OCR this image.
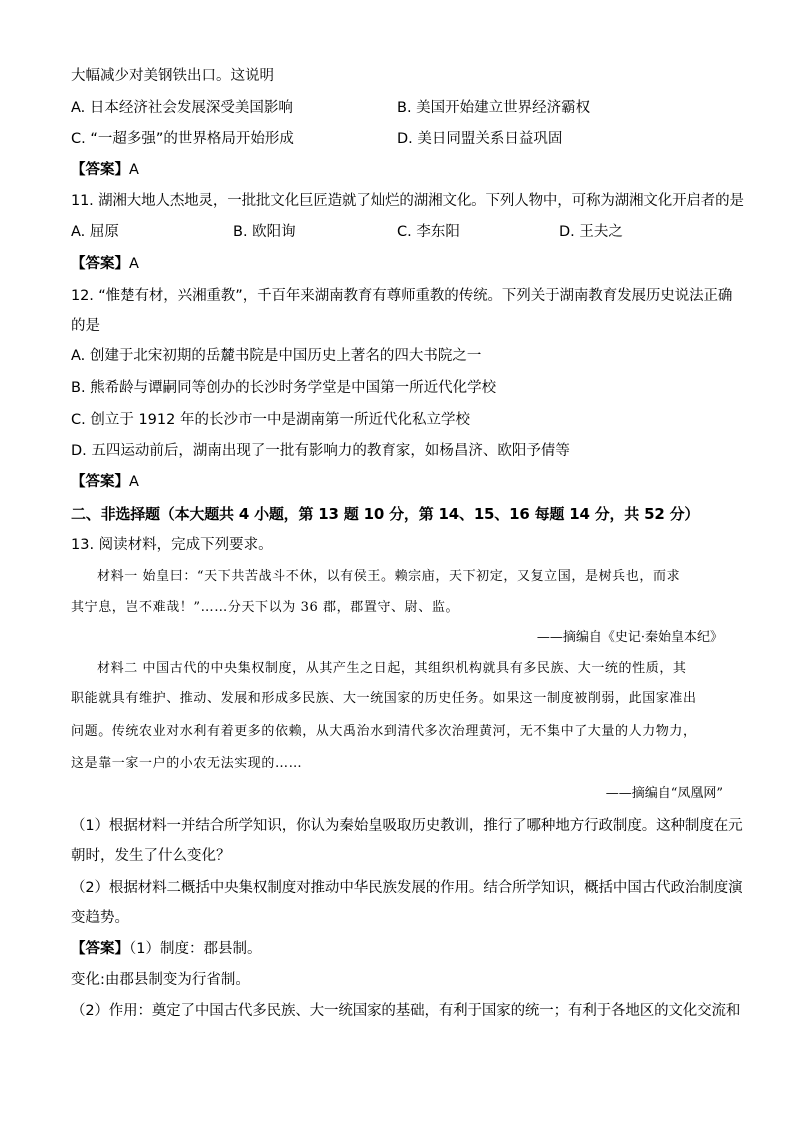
大幅减少对美钢铁出口。这说明
A. 日本经济社会发展深受美国影响	B. 美国开始建立世界经济霸权
C. “一超多强”的世界格局开始形成	D. 美日同盟关系日益巩固
【答案】A
11. 湖湘大地人杰地灵，一批批文化巨匠造就了灿烂的湖湘文化。下列人物中，可称为湖湘文化开启者的是
A. 屈原	B. 欧阳询	C. 李东阳	D. 王夫之
【答案】A
12. “惟楚有材，兴湘重教”，千百年来湖南教育有尊师重教的传统。下列关于湖南教育发展历史说法正确
的是
A. 创建于北宋初期的岳麓书院是中国历史上著名的四大书院之一
B. 熊希龄与谭嗣同等创办的长沙时务学堂是中国第一所近代化学校
C. 创立于 1912 年的长沙市一中是湖南第一所近代化私立学校
D. 五四运动前后，湖南出现了一批有影响力的教育家，如杨昌济、欧阳予倩等
【答案】A
二、非选择题（本大题共 4 小题，第 13 题 10 分，第 14、15、16 每题 14 分，共 52 分）
13. 阅读材料，完成下列要求。
材料一 始皇曰：“天下共苦战斗不休，以有侯王。赖宗庙，天下初定，又复立国，是树兵也，而求
其宁息，岂不难哉！”……分天下以为 36 郡，郡置守、尉、监。
——摘编自《史记·秦始皇本纪》
材料二 中国古代的中央集权制度，从其产生之日起，其组织机构就具有多民族、大一统的性质，其
职能就具有维护、推动、发展和形成多民族、大一统国家的历史任务。如果这一制度被削弱，此国家准出
问题。传统农业对水利有着更多的依赖，从大禹治水到清代多次治理黄河，无不集中了大量的人力物力，
这是靠一家一户的小农无法实现的……
——摘编自“凤凰网”
（1）根据材料一并结合所学知识，你认为秦始皇吸取历史教训，推行了哪种地方行政制度。这种制度在元
朝时，发生了什么变化？
（2）根据材料二概括中央集权制度对推动中华民族发展的作用。结合所学知识，概括中国古代政治制度演
变趋势。
【答案】（1）制度：郡县制。
变化:由郡县制变为行省制。
（2）作用：奠定了中国古代多民族、大一统国家的基础，有利于国家的统一；有利于各地区的文化交流和
